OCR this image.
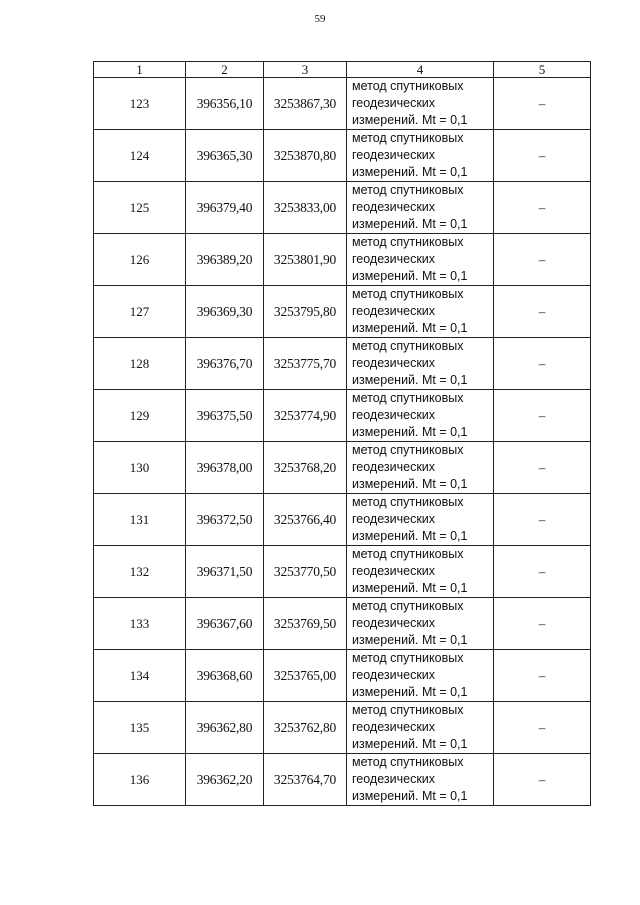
59
1	2	3	4	5
123	396356,10	3253867,30	метод спутниковых
геодезических
измерений. Mt = 0,1	–
124	396365,30	3253870,80	метод спутниковых
геодезических
измерений. Mt = 0,1	–
125	396379,40	3253833,00	метод спутниковых
геодезических
измерений. Mt = 0,1	–
126	396389,20	3253801,90	метод спутниковых
геодезических
измерений. Mt = 0,1	–
127	396369,30	3253795,80	метод спутниковых
геодезических
измерений. Mt = 0,1	–
128	396376,70	3253775,70	метод спутниковых
геодезических
измерений. Mt = 0,1	–
129	396375,50	3253774,90	метод спутниковых
геодезических
измерений. Mt = 0,1	–
130	396378,00	3253768,20	метод спутниковых
геодезических
измерений. Mt = 0,1	–
131	396372,50	3253766,40	метод спутниковых
геодезических
измерений. Mt = 0,1	–
132	396371,50	3253770,50	метод спутниковых
геодезических
измерений. Mt = 0,1	–
133	396367,60	3253769,50	метод спутниковых
геодезических
измерений. Mt = 0,1	–
134	396368,60	3253765,00	метод спутниковых
геодезических
измерений. Mt = 0,1	–
135	396362,80	3253762,80	метод спутниковых
геодезических
измерений. Mt = 0,1	–
136	396362,20	3253764,70	метод спутниковых
геодезических
измерений. Mt = 0,1	–
